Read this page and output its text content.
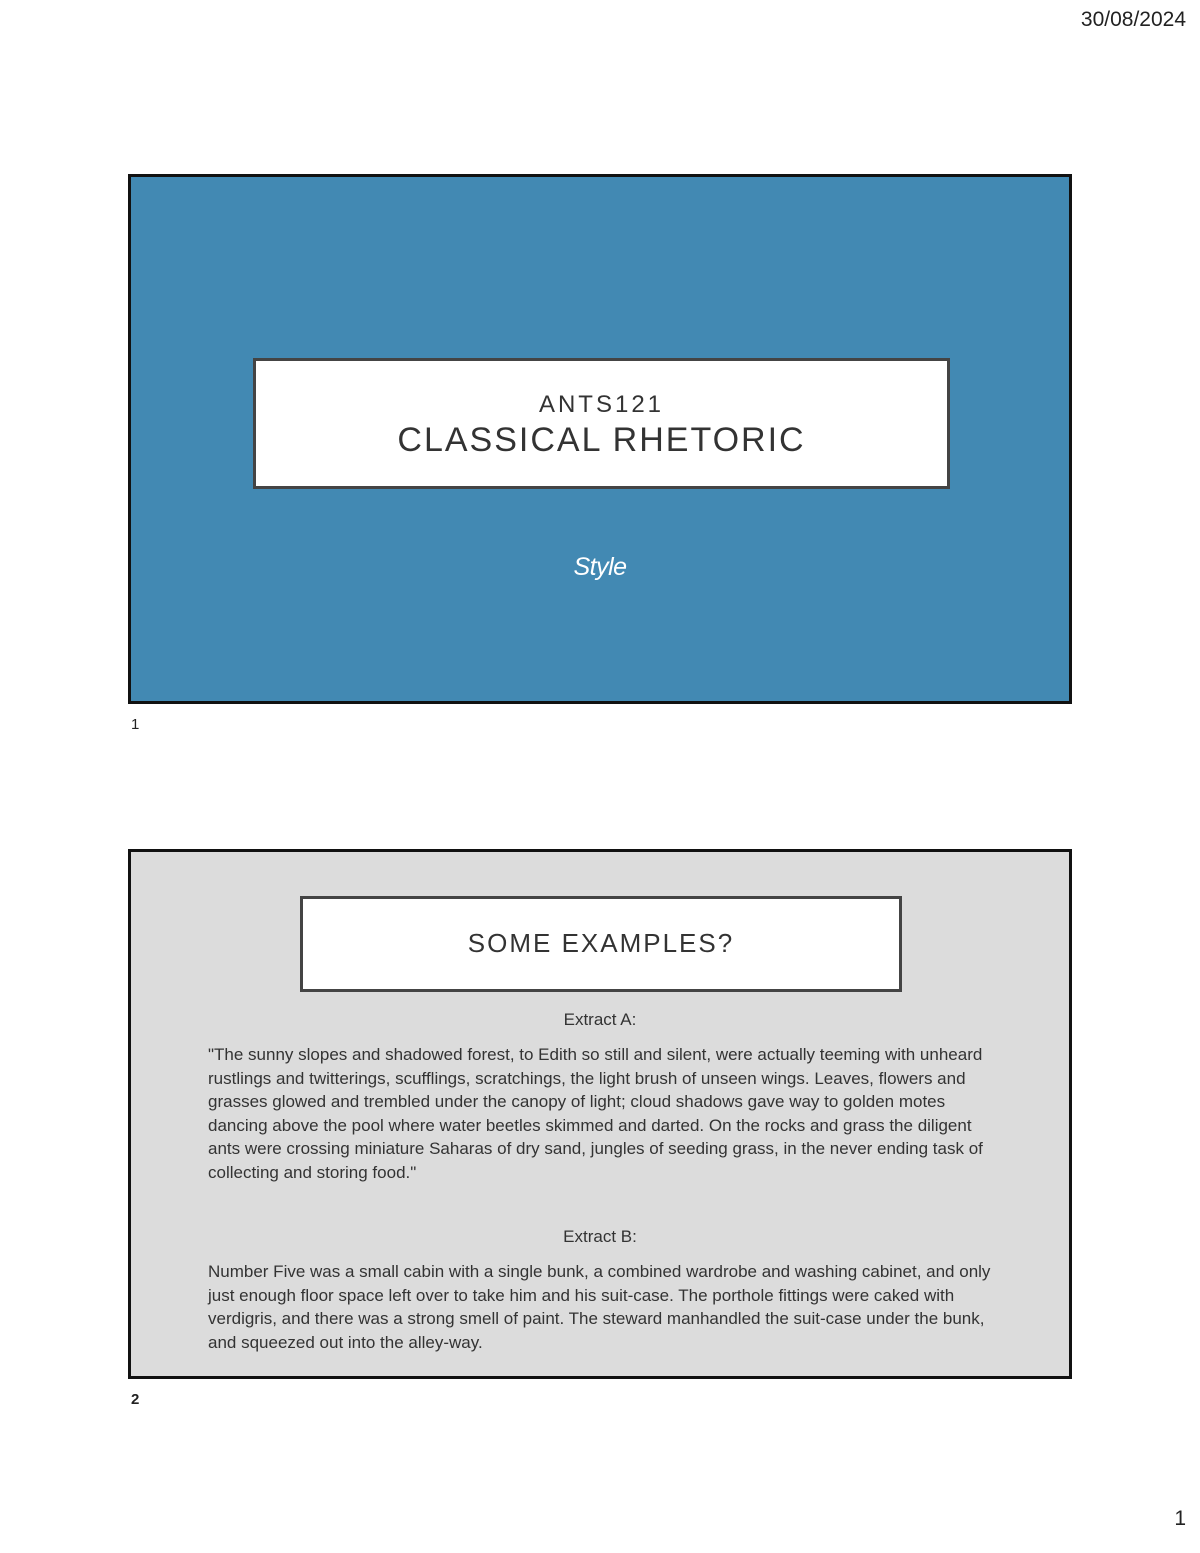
30/08/2024
ANTS121
CLASSICAL RHETORIC
Style
1
SOME EXAMPLES?
Extract A:

"The sunny slopes and shadowed forest, to Edith so still and silent, were actually teeming with unheard rustlings and twitterings, scufflings, scratchings, the light brush of unseen wings. Leaves, flowers and grasses glowed and trembled under the canopy of light; cloud shadows gave way to golden motes dancing above the pool where water beetles skimmed and darted. On the rocks and grass the diligent ants were crossing miniature Saharas of dry sand, jungles of seeding grass, in the never ending task of collecting and storing food."

Extract B:

Number Five was a small cabin with a single bunk, a combined wardrobe and washing cabinet, and only just enough floor space left over to take him and his suit-case. The porthole fittings were caked with verdigris, and there was a strong smell of paint. The steward manhandled the suit-case under the bunk, and squeezed out into the alley-way.

2
1
